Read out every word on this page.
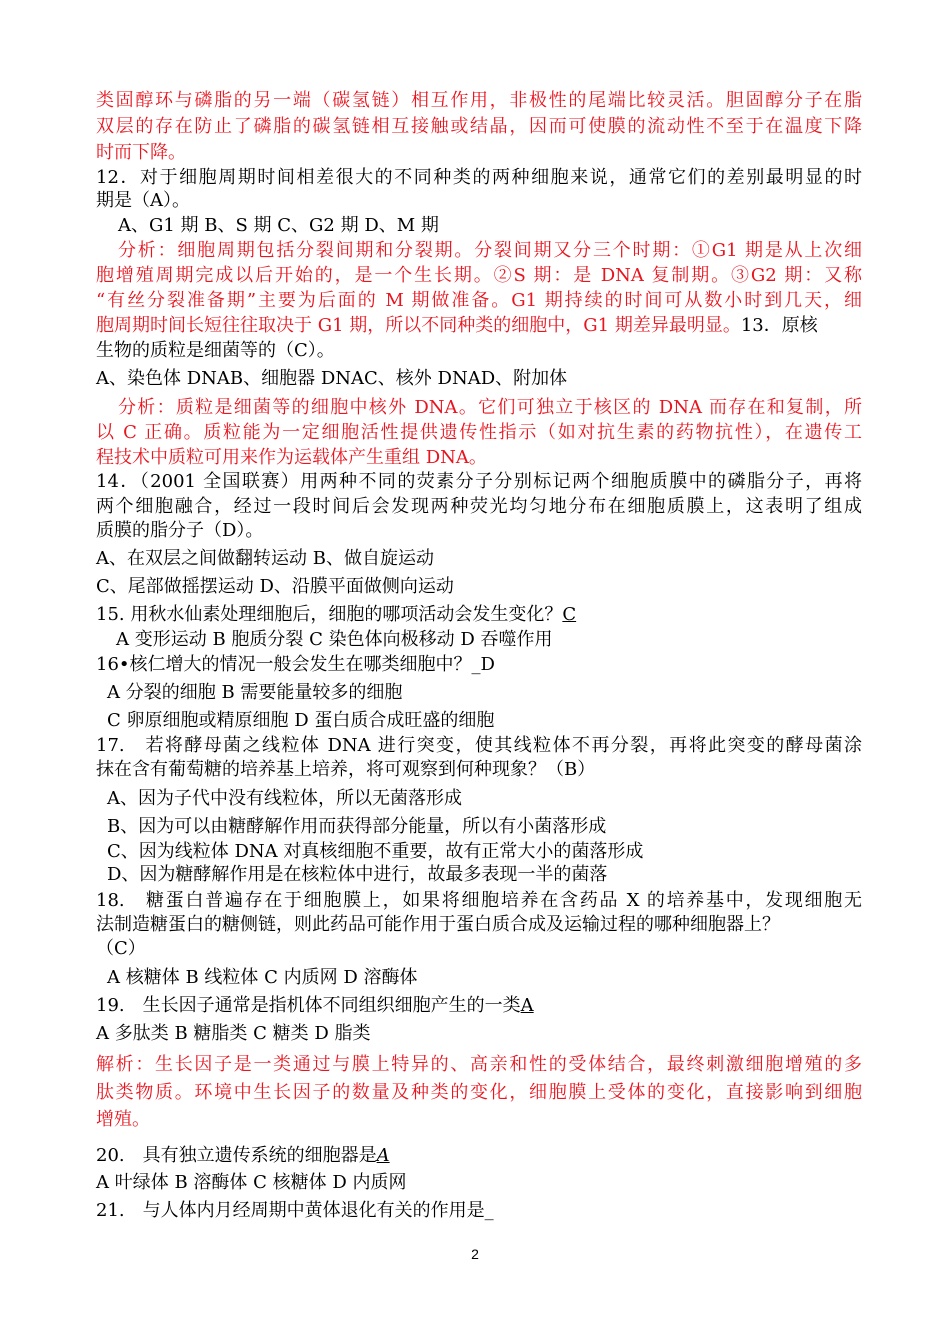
类固醇环与磷脂的另一端（碳氢链）相互作用，非极性的尾端比较灵活。胆固醇分子在脂
双层的存在防止了磷脂的碳氢链相互接触或结晶，因而可使膜的流动性不至于在温度下降
时而下降。
12．对于细胞周期时间相差很大的不同种类的两种细胞来说，通常它们的差别最明显的时
期是（A）。
A、G1 期 B、S 期 C、G2 期 D、M 期
分析：细胞周期包括分裂间期和分裂期。分裂间期又分三个时期：①G1 期是从上次细
胞增殖周期完成以后开始的，是一个生长期。②S 期：是 DNA 复制期。③G2 期：又称
“有丝分裂准备期”主要为后面的 M 期做准备。G1 期持续的时间可从数小时到几天，细
胞周期时间长短往往取决于 G1 期，所以不同种类的细胞中，G1 期差异最明显。13．原核
生物的质粒是细菌等的（C）。
A、染色体 DNAB、细胞器 DNAC、核外 DNAD、附加体
分析：质粒是细菌等的细胞中核外 DNA。它们可独立于核区的 DNA 而存在和复制，所
以 C 正确。质粒能为一定细胞活性提供遗传性指示（如对抗生素的药物抗性），在遗传工
程技术中质粒可用来作为运载体产生重组 DNA。
14．（2001 全国联赛）用两种不同的荧素分子分别标记两个细胞质膜中的磷脂分子，再将
两个细胞融合，经过一段时间后会发现两种荧光均匀地分布在细胞质膜上，这表明了组成
质膜的脂分子（D）。
A、在双层之间做翻转运动 B、做自旋运动
C、尾部做摇摆运动 D、沿膜平面做侧向运动
15. 用秋水仙素处理细胞后，细胞的哪项活动会发生变化？C
A 变形运动 B 胞质分裂 C 染色体向极移动 D 吞噬作用
16•核仁增大的情况一般会发生在哪类细胞中？_D
A 分裂的细胞 B 需要能量较多的细胞
C 卵原细胞或精原细胞 D 蛋白质合成旺盛的细胞
17.　若将酵母菌之线粒体 DNA 进行突变，使其线粒体不再分裂，再将此突变的酵母菌涂
抹在含有葡萄糖的培养基上培养，将可观察到何种现象？（B）
A、因为子代中没有线粒体，所以无菌落形成
B、因为可以由糖酵解作用而获得部分能量，所以有小菌落形成
C、因为线粒体 DNA 对真核细胞不重要，故有正常大小的菌落形成
D、因为糖酵解作用是在核粒体中进行，故最多表现一半的菌落
18.　糖蛋白普遍存在于细胞膜上，如果将细胞培养在含药品 X 的培养基中，发现细胞无
法制造糖蛋白的糖侧链，则此药品可能作用于蛋白质合成及运输过程的哪种细胞器上？
（C）
A 核糖体 B 线粒体 C 内质网 D 溶酶体
19.　生长因子通常是指机体不同组织细胞产生的一类A
A 多肽类 B 糖脂类 C 糖类 D 脂类
解析：生长因子是一类通过与膜上特异的、高亲和性的受体结合，最终刺激细胞增殖的多
肽类物质。环境中生长因子的数量及种类的变化，细胞膜上受体的变化，直接影响到细胞
增殖。
20.　具有独立遗传系统的细胞器是A
A 叶绿体 B 溶酶体 C 核糖体 D 内质网
21.　与人体内月经周期中黄体退化有关的作用是_
2
